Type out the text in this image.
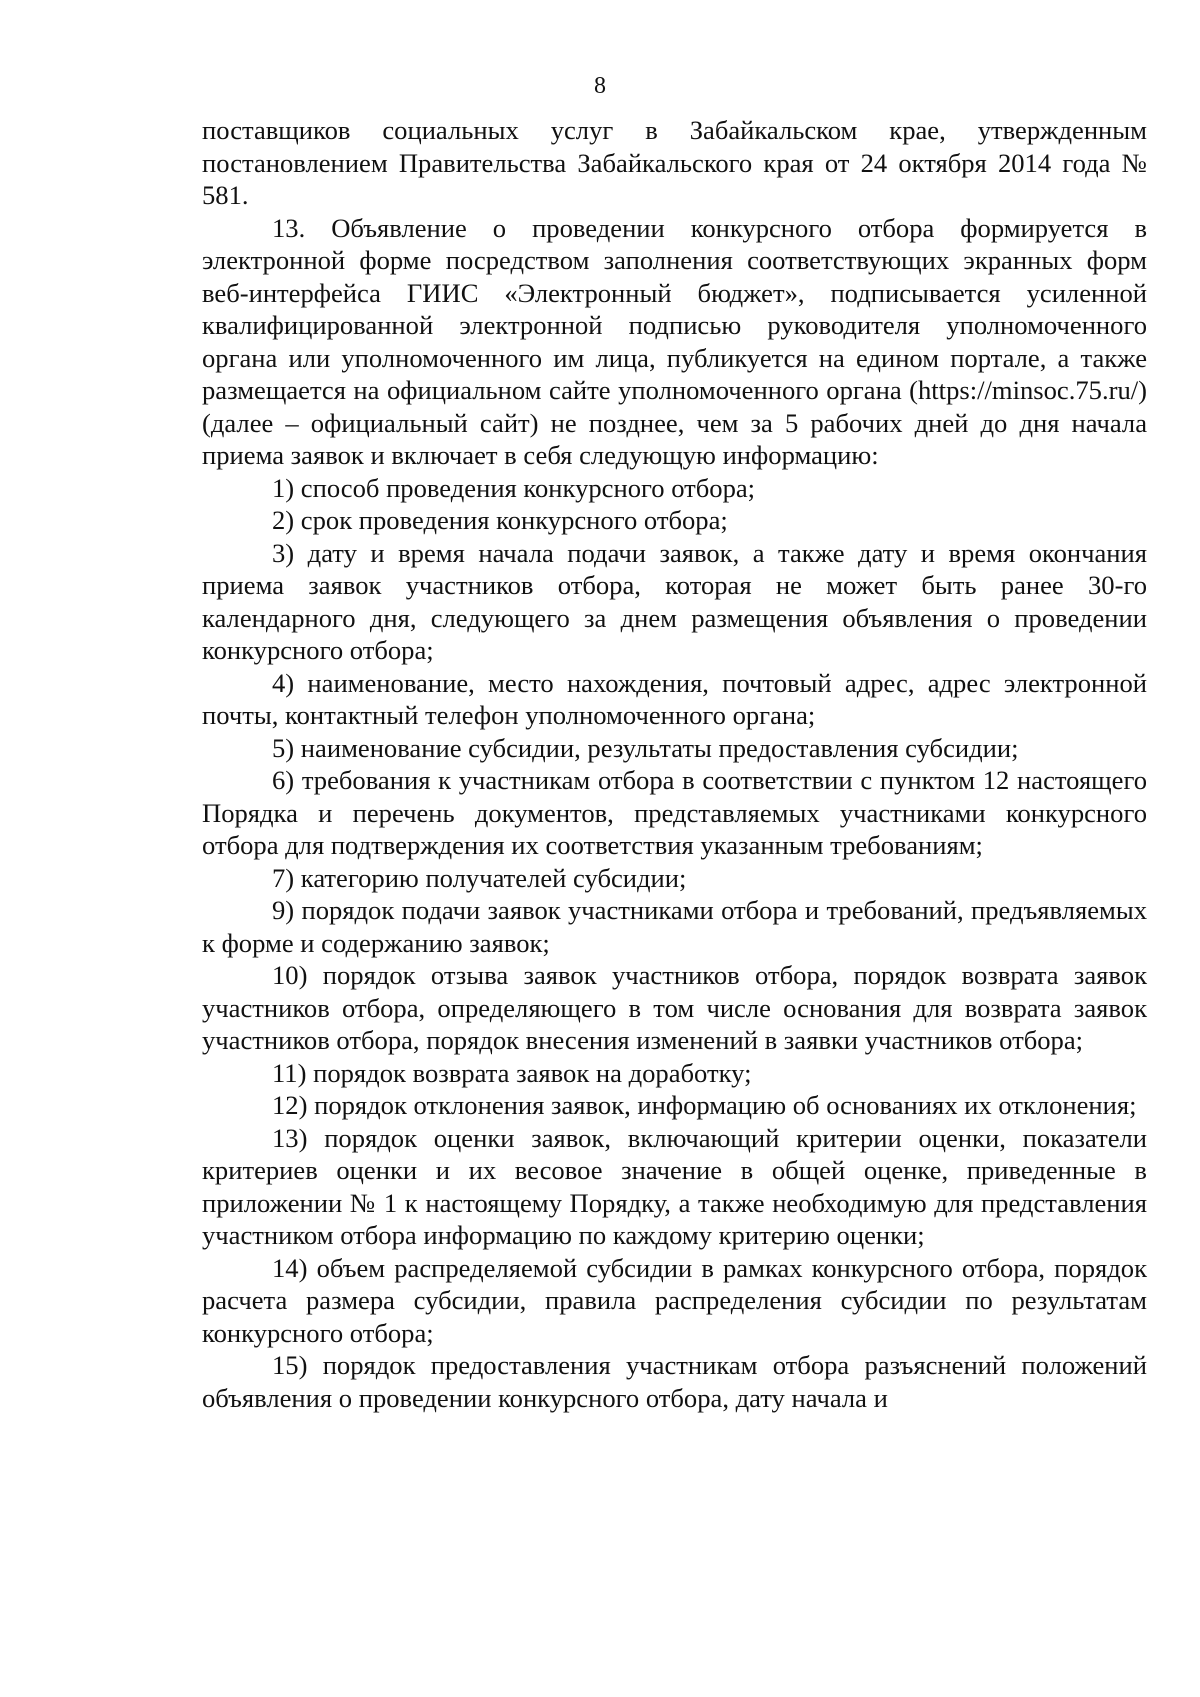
8

поставщиков социальных услуг в Забайкальском крае, утвержденным постановлением Правительства Забайкальского края от 24 октября 2014 года № 581.

13. Объявление о проведении конкурсного отбора формируется в электронной форме посредством заполнения соответствующих экранных форм веб-интерфейса ГИИС «Электронный бюджет», подписывается усиленной квалифицированной электронной подписью руководителя уполномоченного органа или уполномоченного им лица, публикуется на едином портале, а также размещается на официальном сайте уполномоченного органа (https://minsoc.75.ru/) (далее – официальный сайт) не позднее, чем за 5 рабочих дней до дня начала приема заявок и включает в себя следующую информацию:

1) способ проведения конкурсного отбора;

2) срок проведения конкурсного отбора;

3) дату и время начала подачи заявок, а также дату и время окончания приема заявок участников отбора, которая не может быть ранее 30-го календарного дня, следующего за днем размещения объявления о проведении конкурсного отбора;

4) наименование, место нахождения, почтовый адрес, адрес электронной почты, контактный телефон уполномоченного органа;

5) наименование субсидии, результаты предоставления субсидии;

6) требования к участникам отбора в соответствии с пунктом 12 настоящего Порядка и перечень документов, представляемых участниками конкурсного отбора для подтверждения их соответствия указанным требованиям;

7) категорию получателей субсидии;

9) порядок подачи заявок участниками отбора и требований, предъявляемых к форме и содержанию заявок;

10) порядок отзыва заявок участников отбора, порядок возврата заявок участников отбора, определяющего в том числе основания для возврата заявок участников отбора, порядок внесения изменений в заявки участников отбора;

11) порядок возврата заявок на доработку;

12) порядок отклонения заявок, информацию об основаниях их отклонения;

13) порядок оценки заявок, включающий критерии оценки, показатели критериев оценки и их весовое значение в общей оценке, приведенные в приложении № 1 к настоящему Порядку, а также необходимую для представления участником отбора информацию по каждому критерию оценки;

14) объем распределяемой субсидии в рамках конкурсного отбора, порядок расчета размера субсидии, правила распределения субсидии по результатам конкурсного отбора;

15) порядок предоставления участникам отбора разъяснений положений объявления о проведении конкурсного отбора, дату начала и
